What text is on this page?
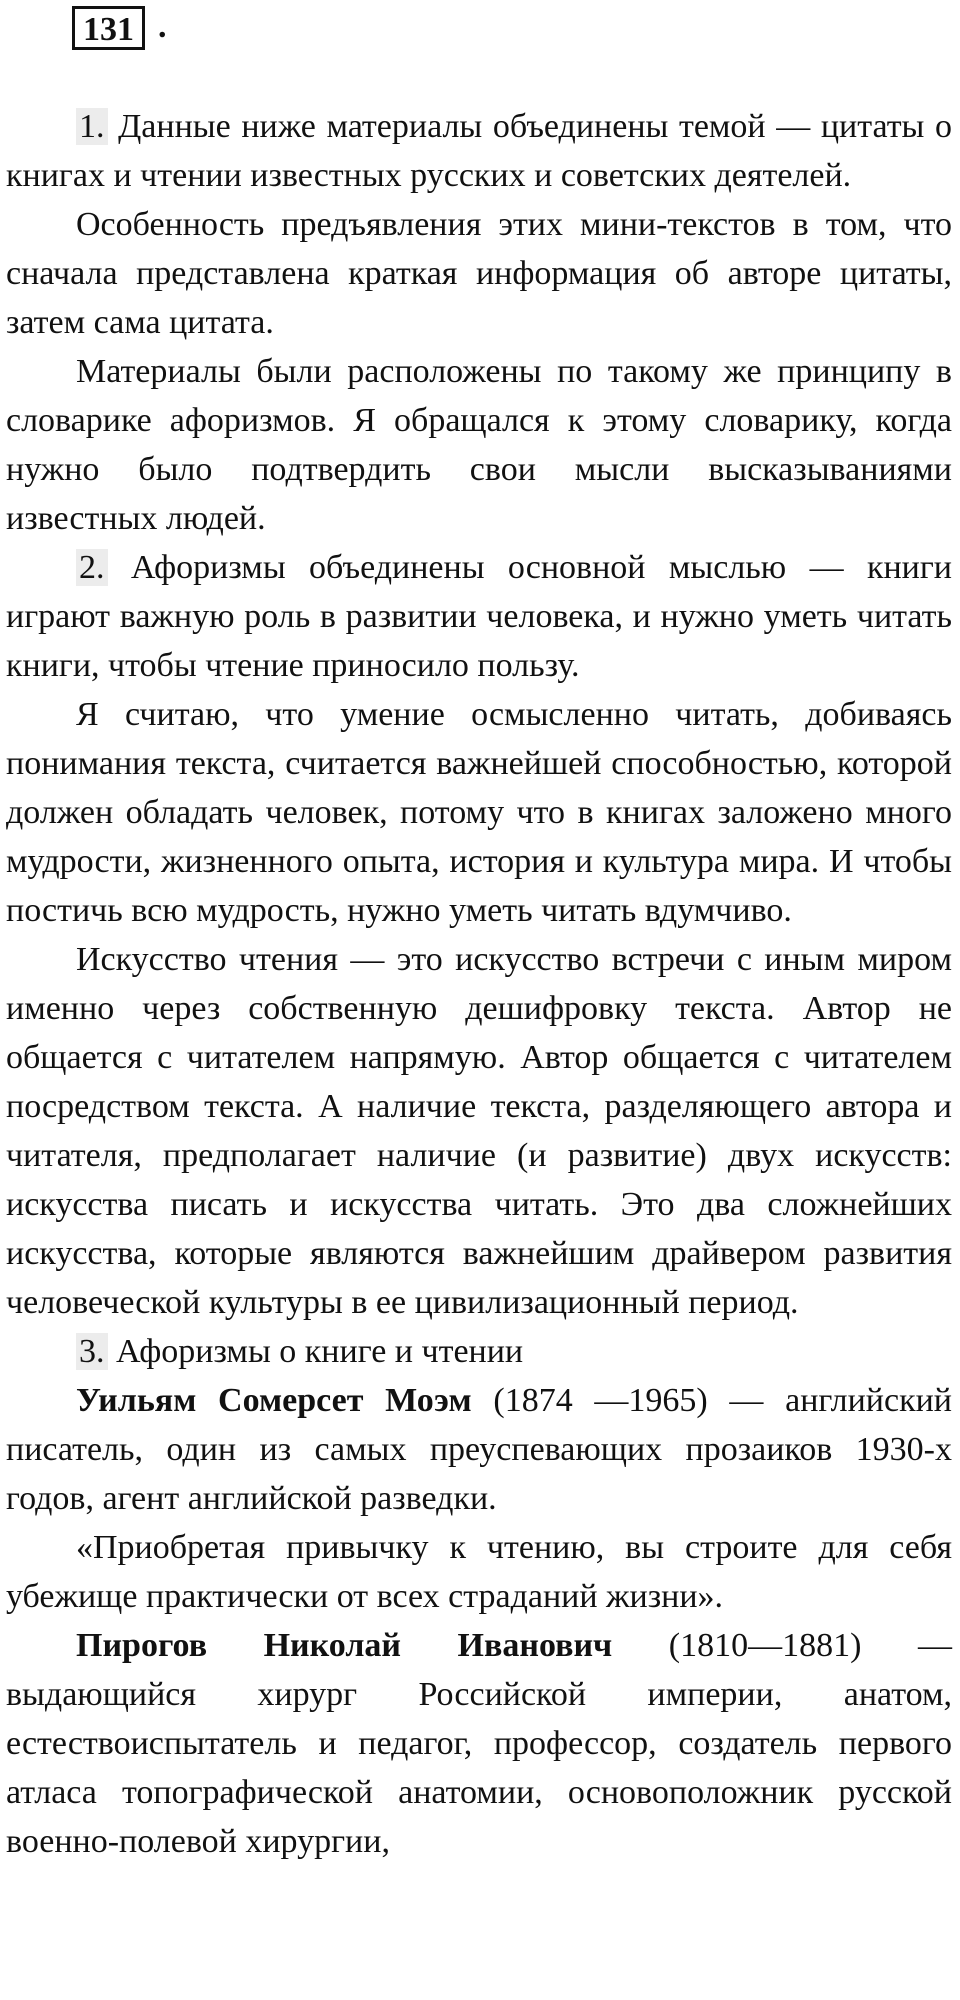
131 .

1. Данные ниже материалы объединены темой — цитаты о книгах и чтении известных русских и советских деятелей.

Особенность предъявления этих мини-текстов в том, что сначала представлена краткая информация об авторе цитаты, затем сама цитата.

Материалы были расположены по такому же принципу в словарике афоризмов. Я обращался к этому словарику, когда нужно было подтвердить свои мысли высказываниями известных людей.

2. Афоризмы объединены основной мыслью — книги играют важную роль в развитии человека, и нужно уметь читать книги, чтобы чтение приносило пользу.

Я считаю, что умение осмысленно читать, добиваясь понимания текста, считается важнейшей способностью, которой должен обладать человек, потому что в книгах заложено много мудрости, жизненного опыта, история и культура мира. И чтобы постичь всю мудрость, нужно уметь читать вдумчиво.

Искусство чтения — это искусство встречи с иным миром именно через собственную дешифровку текста. Автор не общается с читателем напрямую. Автор общается с читателем посредством текста. А наличие текста, разделяющего автора и читателя, предполагает наличие (и развитие) двух искусств: искусства писать и искусства читать. Это два сложнейших искусства, которые являются важнейшим драйвером развития человеческой культуры в ее цивилизационный период.

3. Афоризмы о книге и чтении

Уильям Сомерсет Моэм (1874 —1965) — английский писатель, один из самых преуспевающих прозаиков 1930-х годов, агент английской разведки.

«Приобретая привычку к чтению, вы строите для себя убежище практически от всех страданий жизни».

Пирогов Николай Иванович (1810—1881) — выдающийся хирург Российской империи, анатом, естествоиспытатель и педагог, профессор, создатель первого атласа топографической анатомии, основоположник русской военно-полевой хирургии,
